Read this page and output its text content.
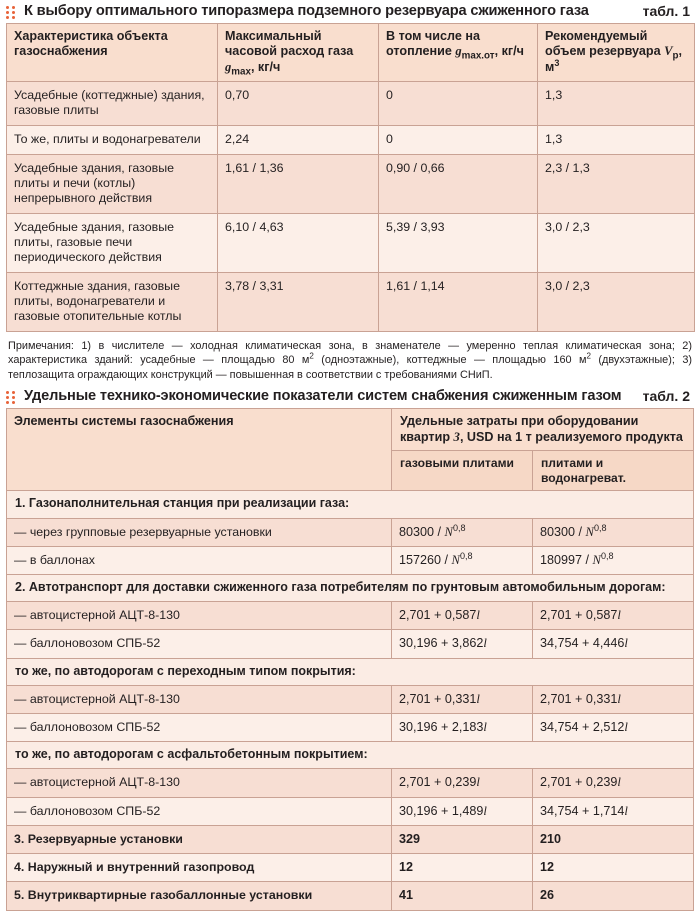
К выбору оптимального типоразмера подземного резервуара сжиженного газа	табл. 1
Характеристика объекта газоснабжения	Максимальный часовой расход газа $g_{max}$, кг/ч	В том числе на отопление $g_{max.от}$, кг/ч	Рекомендуемый объем резервуара $V_р$, $м^3$
Усадебные (коттеджные) здания, газовые плиты	0,70	0	1,3
То же, плиты и водонагреватели	2,24	0	1,3
Усадебные здания, газовые плиты и печи (котлы) непрерывного действия	1,61 / 1,36	0,90 / 0,66	2,3 / 1,3
Усадебные здания, газовые плиты, газовые печи периодического действия	6,10 / 4,63	5,39 / 3,93	3,0 / 2,3
Коттеджные здания, газовые плиты, водонагреватели и газовые отопительные котлы	3,78 / 3,31	1,61 / 1,14	3,0 / 2,3

Примечания: 1) в числителе — холодная климатическая зона, в знаменателе — умеренно теплая климатическая зона; 2) характеристика зданий: усадебные — площадью 80 $м^2$ (одноэтажные), коттеджные — площадью 160 $м^2$ (двухэтажные); 3) теплозащита ограждающих конструкций — повышенная в соответствии с требованиями СНиП.

Удельные технико-экономические показатели систем снабжения сжиженным газом	табл. 2
Элементы системы газоснабжения	Удельные затраты при оборудовании квартир З, USD на 1 т реализуемого продукта	
	газовыми плитами	плитами и водонагреват.
1. Газонаполнительная станция при реализации газа:		
— через групповые резервуарные установки	80300 / N$^{0,8}$	80300 / N$^{0,8}$
— в баллонах	157260 / N$^{0,8}$	180997 / N$^{0,8}$
2. Автотранспорт для доставки сжиженного газа потребителям по грунтовым автомобильным дорогам:		
— автоцистерной АЦТ-8-130	2,701 + 0,587l	2,701 + 0,587l
— баллоновозом СПБ-52	30,196 + 3,862l	34,754 + 4,446l
то же, по автодорогам с переходным типом покрытия:		
— автоцистерной АЦТ-8-130	2,701 + 0,331l	2,701 + 0,331l
— баллоновозом СПБ-52	30,196 + 2,183l	34,754 + 2,512l
то же, по автодорогам с асфальтобетонным покрытием:		
— автоцистерной АЦТ-8-130	2,701 + 0,239l	2,701 + 0,239l
— баллоновозом СПБ-52	30,196 + 1,489l	34,754 + 1,714l
3. Резервуарные установки	329	210
4. Наружный и внутренний газопровод	12	12
5. Внутриквартирные газобаллонные установки	41	26
